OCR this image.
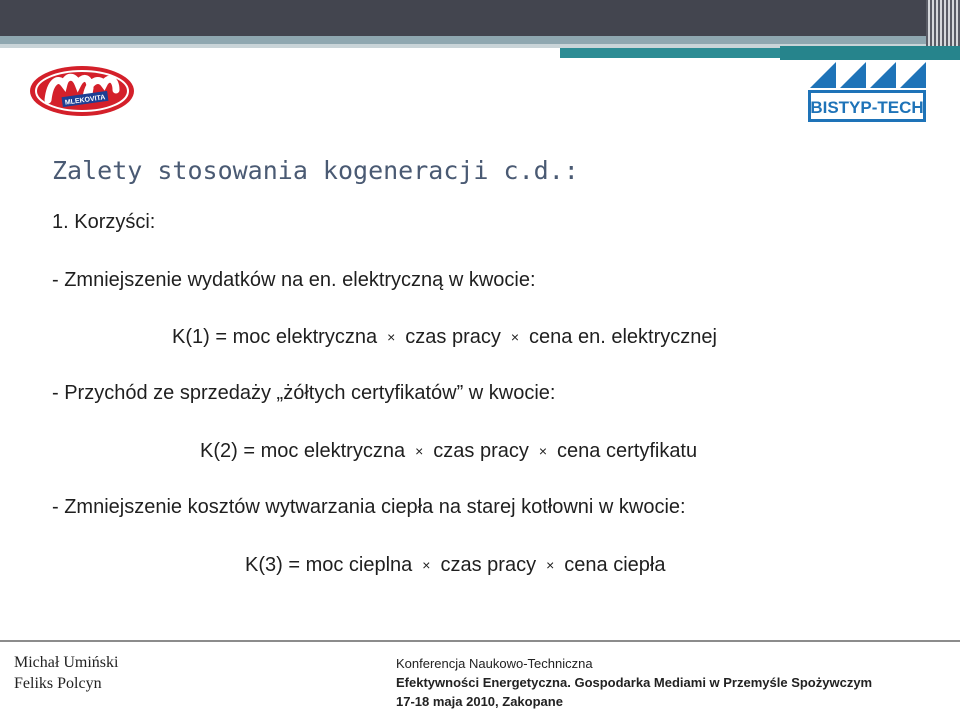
MLEKOVITA	BISTYP-TECH
Zalety stosowania kogeneracji c.d.:
1. Korzyści:
- Zmniejszenie wydatków na en. elektryczną w kwocie:
K(1) = moc elektryczna × czas pracy × cena en. elektrycznej
- Przychód ze sprzedaży „żółtych certyfikatów” w kwocie:
K(2) = moc elektryczna × czas pracy × cena certyfikatu
- Zmniejszenie kosztów wytwarzania ciepła na starej kotłowni w kwocie:
K(3) = moc cieplna × czas pracy × cena ciepła
Michał Umiński
Feliks Polcyn
Konferencja Naukowo-Techniczna
Efektywności Energetyczna. Gospodarka Mediami w Przemyśle Spożywczym
17-18 maja 2010, Zakopane
